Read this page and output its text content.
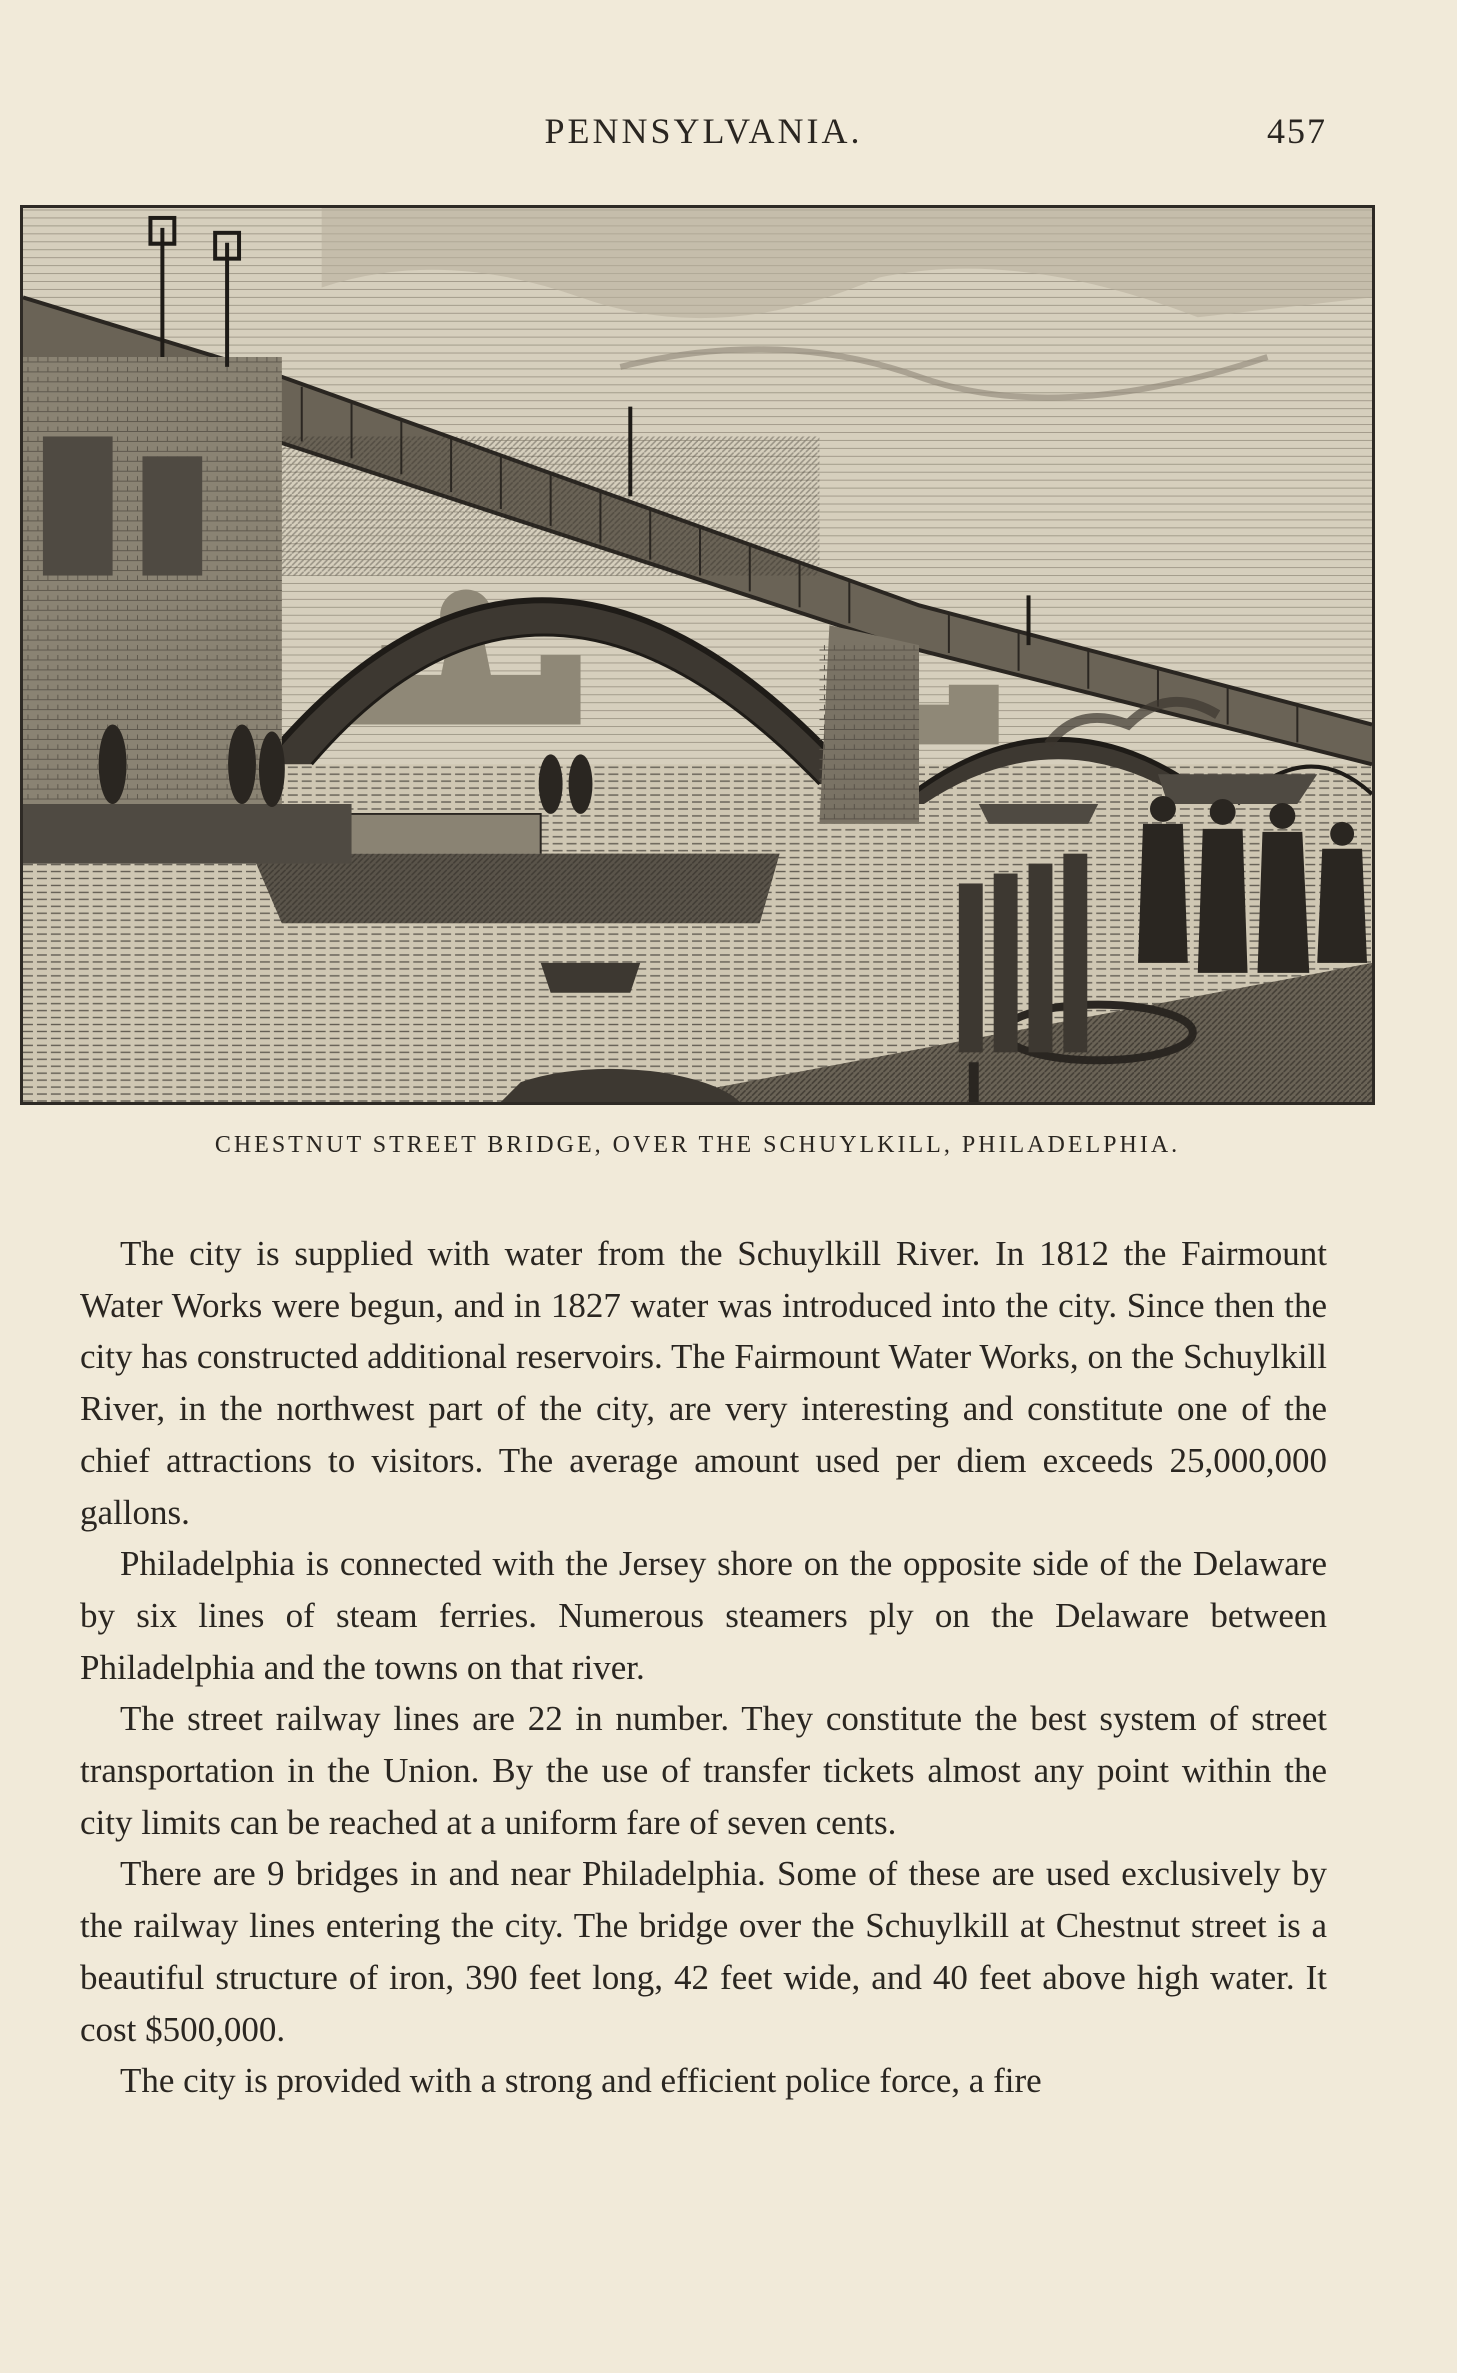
PENNSYLVANIA.	457
CHESTNUT STREET BRIDGE, OVER THE SCHUYLKILL, PHILADELPHIA.

The city is supplied with water from the Schuylkill River. In 1812 the Fairmount Water Works were begun, and in 1827 water was introduced into the city. Since then the city has constructed additional reservoirs. The Fairmount Water Works, on the Schuylkill River, in the northwest part of the city, are very interesting and constitute one of the chief attractions to visitors. The average amount used per diem exceeds 25,000,000 gallons.

Philadelphia is connected with the Jersey shore on the opposite side of the Delaware by six lines of steam ferries. Numerous steamers ply on the Delaware between Philadelphia and the towns on that river.

The street railway lines are 22 in number. They constitute the best system of street transportation in the Union. By the use of transfer tickets almost any point within the city limits can be reached at a uniform fare of seven cents.

There are 9 bridges in and near Philadelphia. Some of these are used exclusively by the railway lines entering the city. The bridge over the Schuylkill at Chestnut street is a beautiful structure of iron, 390 feet long, 42 feet wide, and 40 feet above high water. It cost $500,000.

The city is provided with a strong and efficient police force, a fire
